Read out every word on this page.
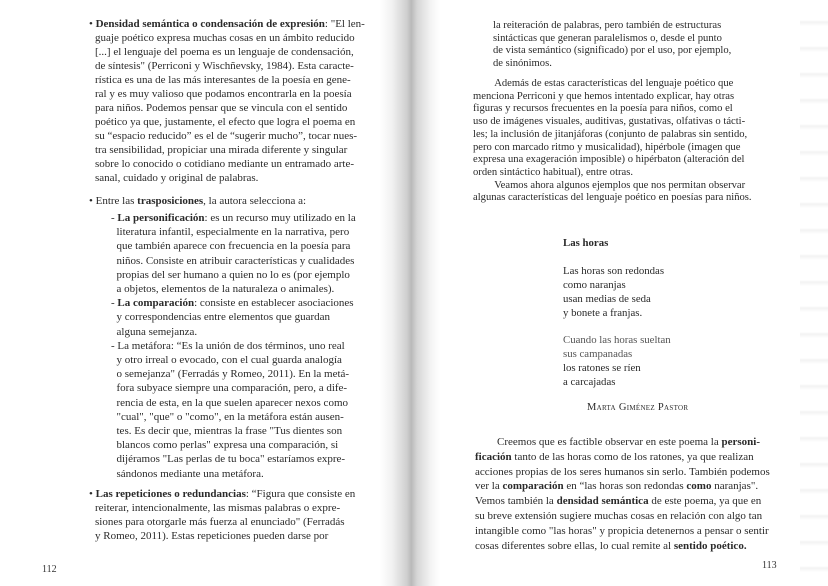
• Densidad semántica o condensación de expresión: "El len-
guaje poético expresa muchas cosas en un ámbito reducido
[...] el lenguaje del poema es un lenguaje de condensación,
de síntesis" (Perriconi y Wischñevsky, 1984). Esta caracte-
rística es una de las más interesantes de la poesía en gene-
ral y es muy valioso que podamos encontrarla en la poesía
para niños. Podemos pensar que se vincula con el sentido
poético ya que, justamente, el efecto que logra el poema en
su “espacio reducido” es el de “sugerir mucho”, tocar nues-
tra sensibilidad, propiciar una mirada diferente y singular
sobre lo conocido o cotidiano mediante un entramado arte-
sanal, cuidado y original de palabras.
• Entre las trasposiciones, la autora selecciona a:
- La personificación: es un recurso muy utilizado en la
 literatura infantil, especialmente en la narrativa, pero
 que también aparece con frecuencia en la poesía para
 niños. Consiste en atribuir características y cualidades
 propias del ser humano a quien no lo es (por ejemplo
 a objetos, elementos de la naturaleza o animales).
- La comparación: consiste en establecer asociaciones
 y correspondencias entre elementos que guardan
 alguna semejanza.
- La metáfora: “Es la unión de dos términos, uno real
 y otro irreal o evocado, con el cual guarda analogía
 o semejanza" (Ferradás y Romeo, 2011). En la metá-
 fora subyace siempre una comparación, pero, a dife-
 rencia de esta, en la que suelen aparecer nexos como
 "cual", "que" o "como", en la metáfora están ausen-
 tes. Es decir que, mientras la frase "Tus dientes son
 blancos como perlas" expresa una comparación, si
 dijéramos "Las perlas de tu boca" estaríamos expre-
 sándonos mediante una metáfora.
• Las repeticiones o redundancias: “Figura que consiste en
reiterar, intencionalmente, las mismas palabras o expre-
siones para otorgarle más fuerza al enunciado" (Ferradás
y Romeo, 2011). Estas repeticiones pueden darse por
112
la reiteración de palabras, pero también de estructuras
sintácticas que generan paralelismos o, desde el punto
de vista semántico (significado) por el uso, por ejemplo,
de sinónimos.
  Además de estas características del lenguaje poético que
menciona Perriconi y que hemos intentado explicar, hay otras
figuras y recursos frecuentes en la poesía para niños, como el
uso de imágenes visuales, auditivas, gustativas, olfativas o tácti-
les; la inclusión de jitanjáforas (conjunto de palabras sin sentido,
pero con marcado ritmo y musicalidad), hipérbole (imagen que
expresa una exageración imposible) o hipérbaton (alteración del
orden sintáctico habitual), entre otras.
  Veamos ahora algunos ejemplos que nos permitan observar
algunas características del lenguaje poético en poesías para niños.
Las horas
Las horas son redondas
como naranjas
usan medias de seda
y bonete a franjas.
Cuando las horas sueltan
sus campanadas
los ratones se ríen
a carcajadas
Marta Giménez Pastor
  Creemos que es factible observar en este poema la personi-
ficación tanto de las horas como de los ratones, ya que realizan
acciones propias de los seres humanos sin serlo. También podemos
ver la comparación en “las horas son redondas como naranjas".
Vemos también la densidad semántica de este poema, ya que en
su breve extensión sugiere muchas cosas en relación con algo tan
intangible como "las horas" y propicia detenernos a pensar o sentir
cosas diferentes sobre ellas, lo cual remite al sentido poético.
113
